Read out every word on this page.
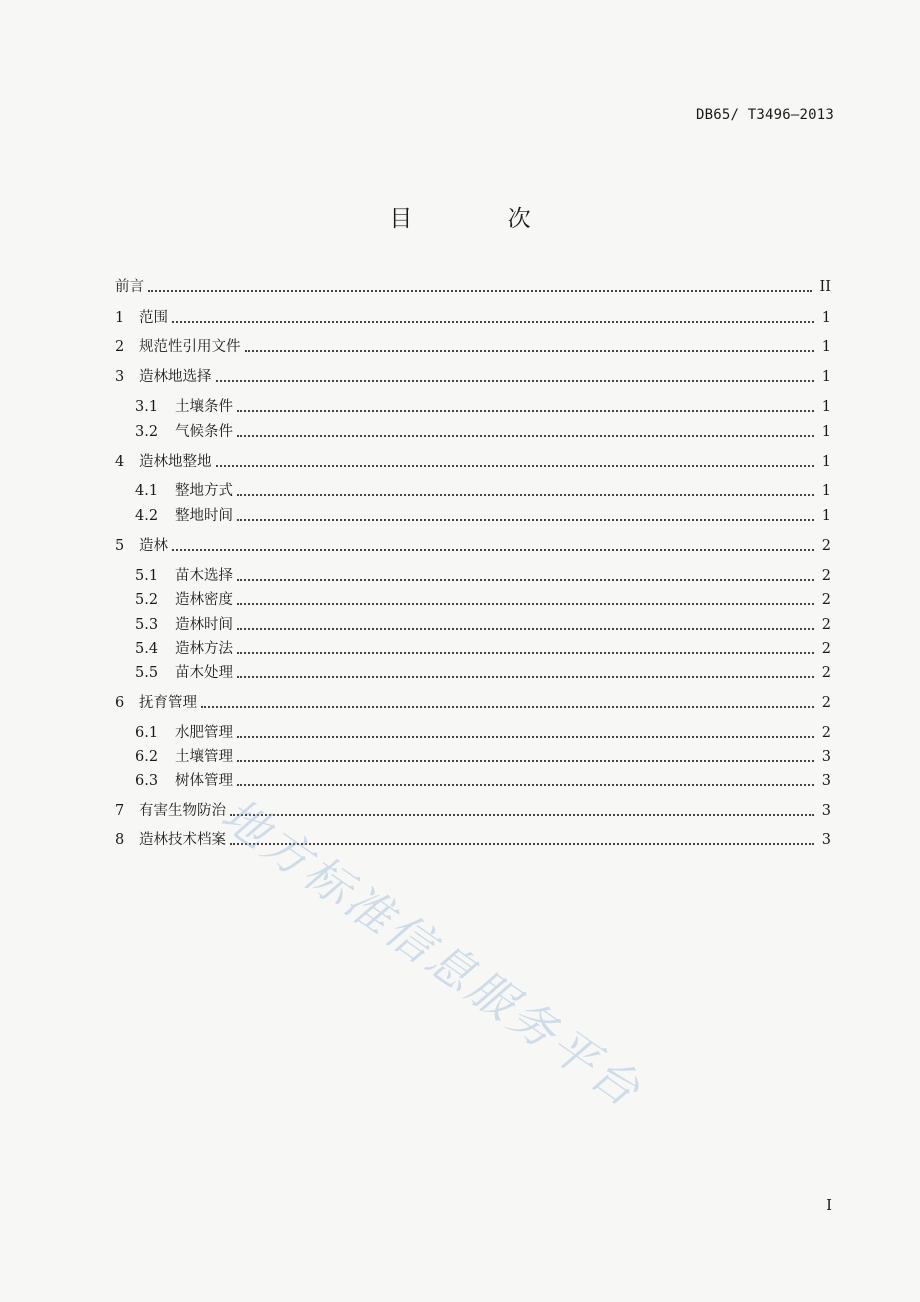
DB65/ T3496—2013
目 次
前言	II
1	范围	1
2	规范性引用文件	1
3	造林地选择	1
3.1	土壤条件	1
3.2	气候条件	1
4	造林地整地	1
4.1	整地方式	1
4.2	整地时间	1
5	造林	2
5.1	苗木选择	2
5.2	造林密度	2
5.3	造林时间	2
5.4	造林方法	2
5.5	苗木处理	2
6	抚育管理	2
6.1	水肥管理	2
6.2	土壤管理	3
6.3	树体管理	3
7	有害生物防治	3
8	造林技术档案	3
地方标准信息服务平台
I
